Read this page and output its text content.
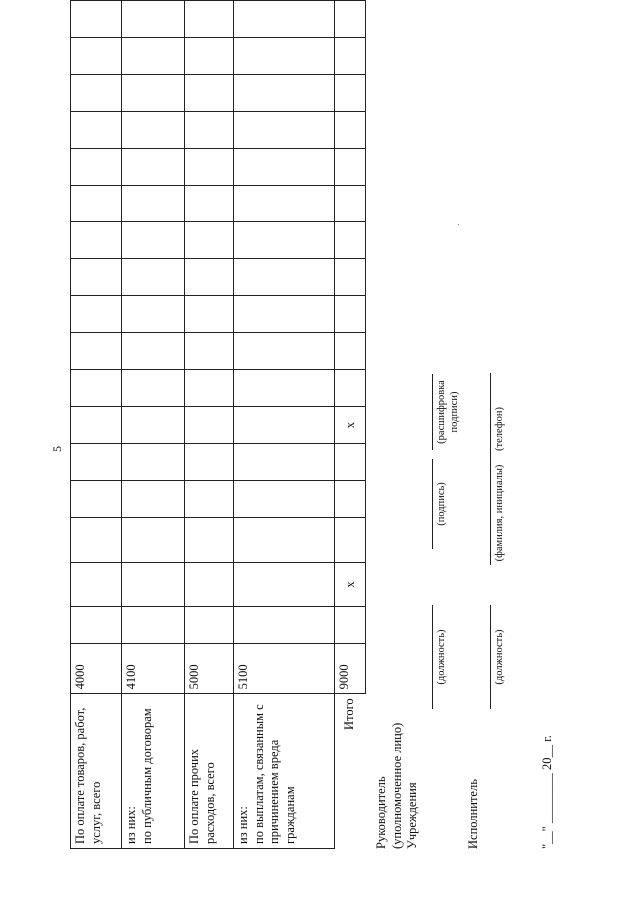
5
По оплате товаров, работ, услуг, всего	4000																	
из них:
по публичным договорам	4100																	
По оплате прочих расходов, всего	5000																	
из них:
по выплатам, связанным с причинением вреда гражданам	5100																	
Итого	9000		x				x											
Руководитель (уполномоченное лицо) Учреждения
(должность)
(подпись)
(расшифровка подписи)
Исполнитель
(должность)
(фамилия, инициалы)
(телефон)
"__" ________ 20__ г.
